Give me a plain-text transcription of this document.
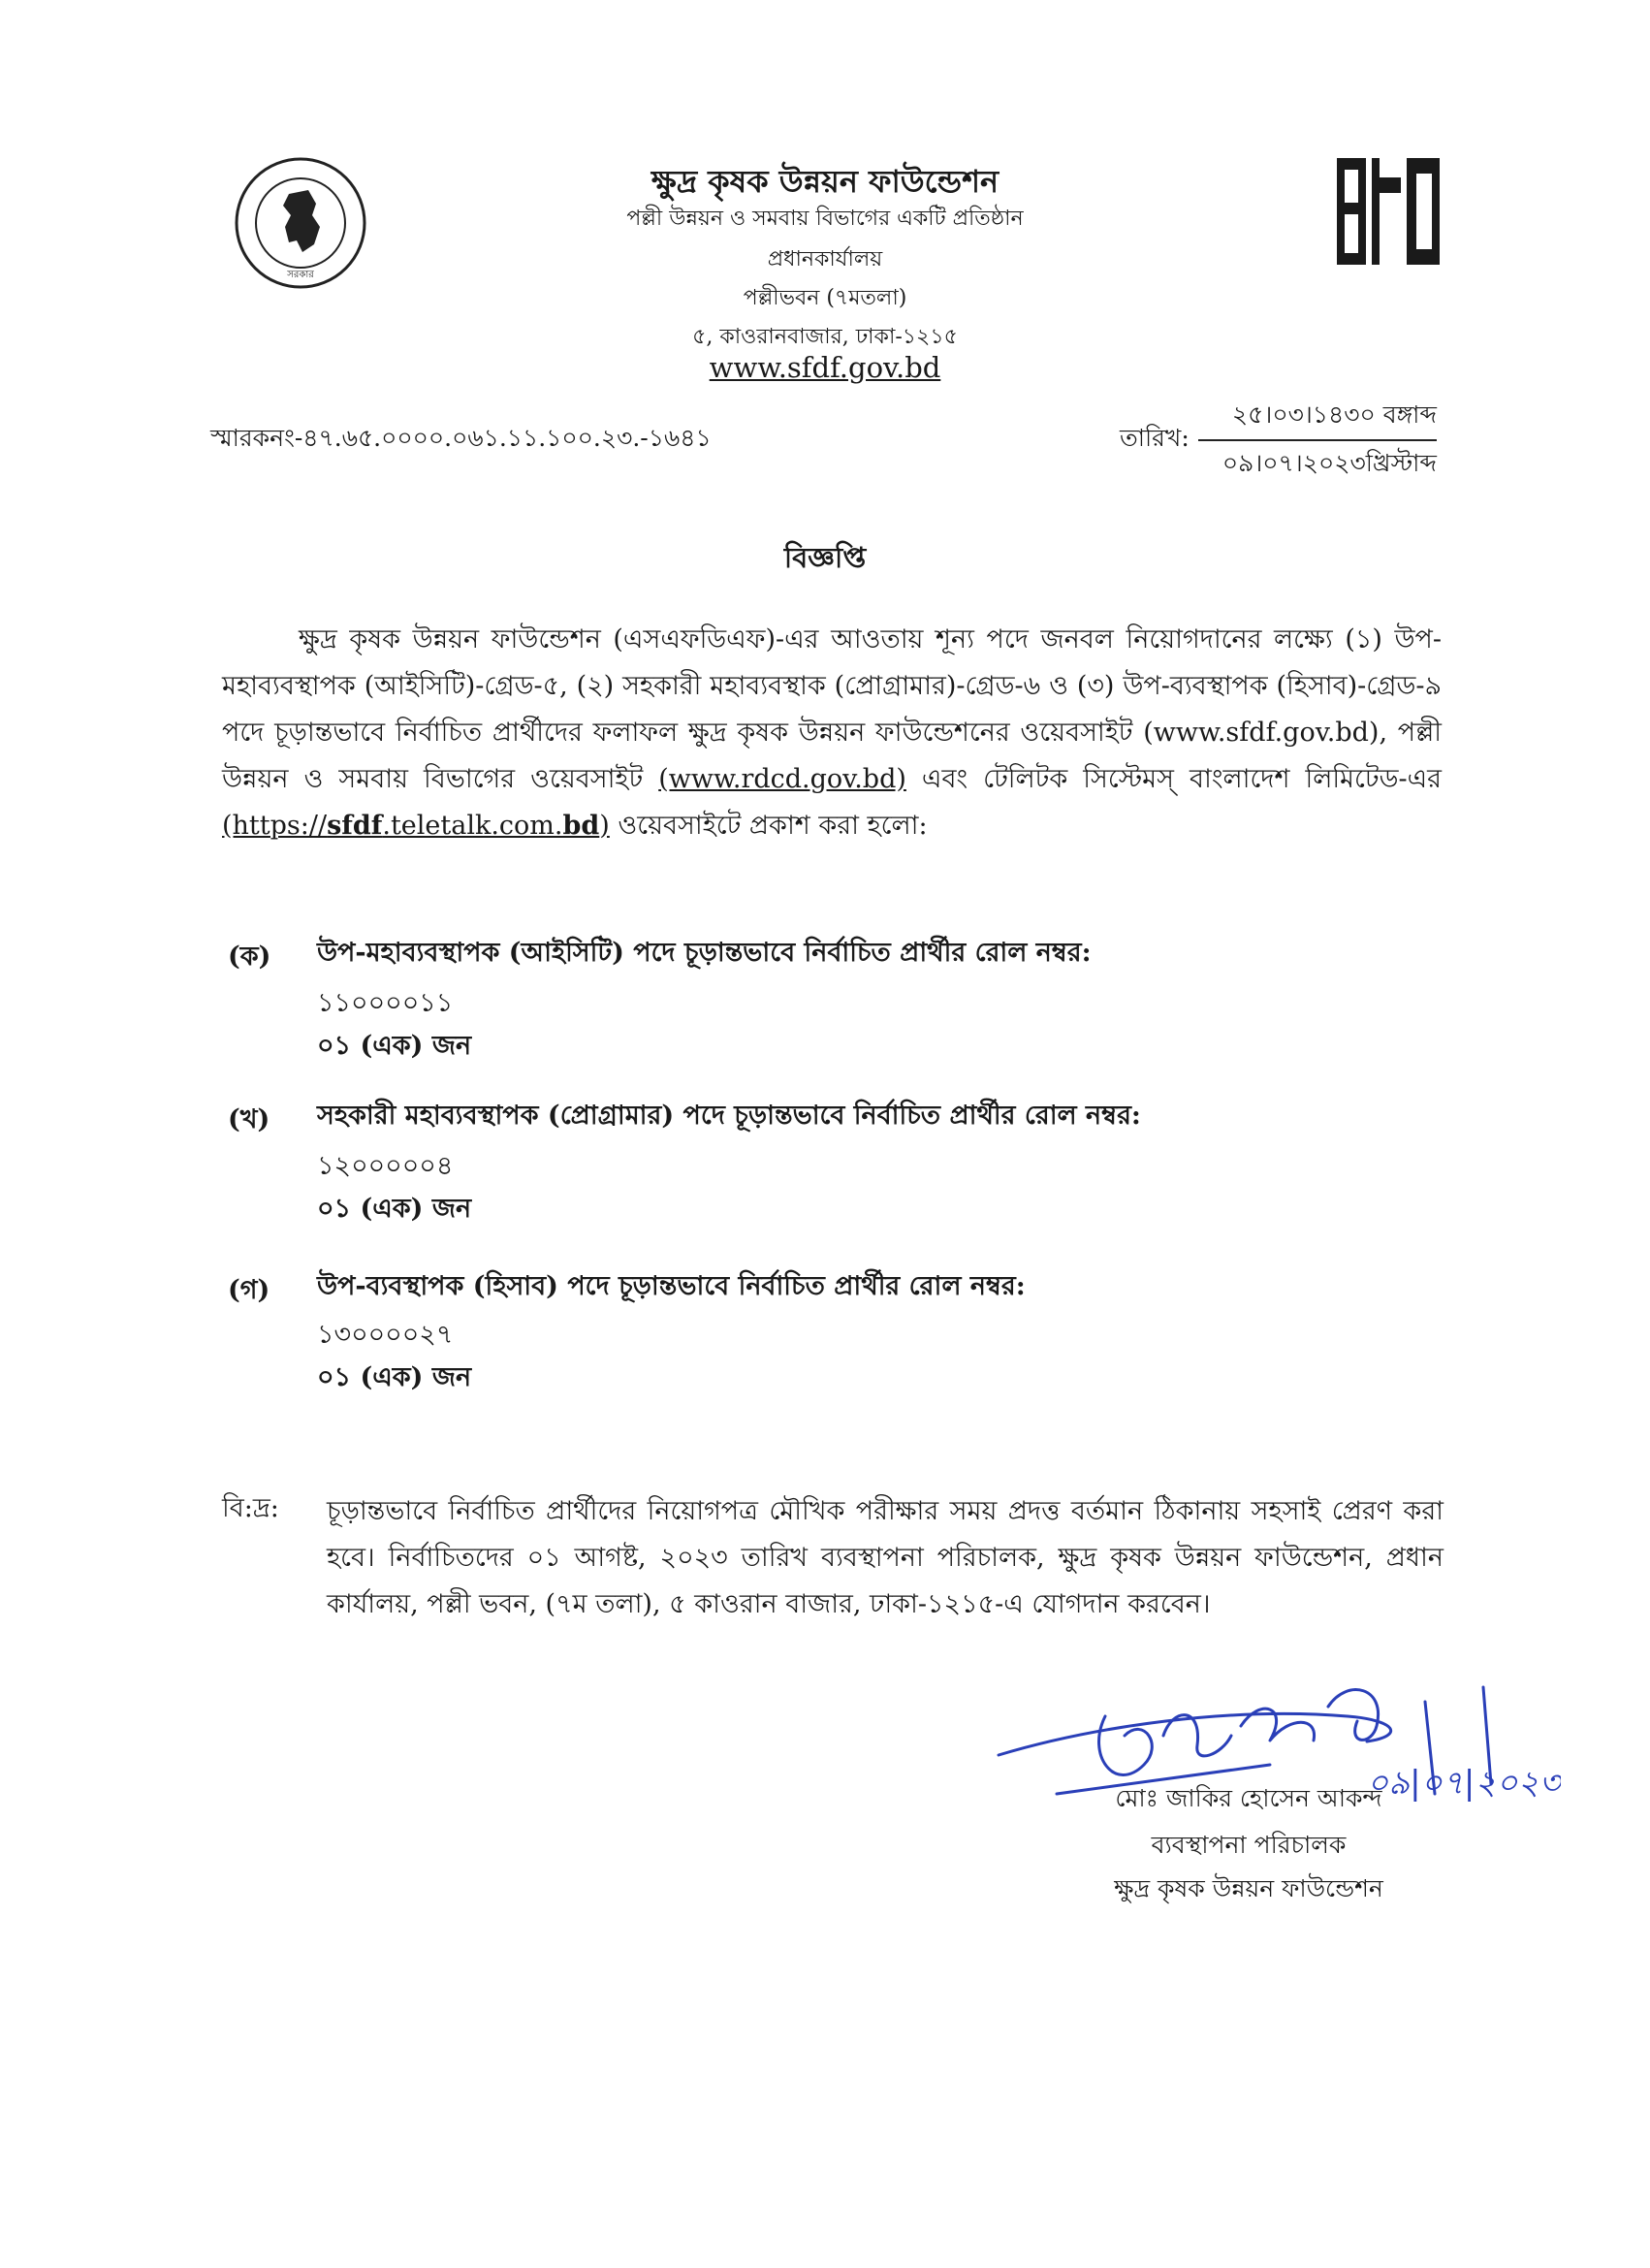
সরকার
ক্ষুদ্র কৃষক উন্নয়ন ফাউন্ডেশন
পল্লী উন্নয়ন ও সমবায় বিভাগের একটি প্রতিষ্ঠান
প্রধানকার্যালয়
পল্লীভবন (৭মতলা)
৫, কাওরানবাজার, ঢাকা-১২১৫
www.sfdf.gov.bd
স্মারকনং-৪৭.৬৫.০০০০.০৬১.১১.১০০.২৩.-১৬৪১	তারিখ:
২৫।০৩।১৪৩০ বঙ্গাব্দ
০৯।০৭।২০২৩খ্রিস্টাব্দ
বিজ্ঞপ্তি
ক্ষুদ্র কৃষক উন্নয়ন ফাউন্ডেশন (এসএফডিএফ)-এর আওতায় শূন্য পদে জনবল নিয়োগদানের লক্ষ্যে (১) উপ-মহাব্যবস্থাপক (আইসিটি)-গ্রেড-৫, (২) সহকারী মহাব্যবস্থাক (প্রোগ্রামার)-গ্রেড-৬ ও (৩) উপ-ব্যবস্থাপক (হিসাব)-গ্রেড-৯ পদে চূড়ান্তভাবে নির্বাচিত প্রার্থীদের ফলাফল ক্ষুদ্র কৃষক উন্নয়ন ফাউন্ডেশনের ওয়েবসাইট (www.sfdf.gov.bd), পল্লী উন্নয়ন ও সমবায় বিভাগের ওয়েবসাইট (www.rdcd.gov.bd) এবং টেলিটক সিস্টেমস্ বাংলাদেশ লিমিটেড-এর (https://sfdf.teletalk.com.bd) ওয়েবসাইটে প্রকাশ করা হলো:
(ক) উপ-মহাব্যবস্থাপক (আইসিটি) পদে চূড়ান্তভাবে নির্বাচিত প্রার্থীর রোল নম্বর:
১১০০০০১১
০১ (এক) জন
(খ) সহকারী মহাব্যবস্থাপক (প্রোগ্রামার) পদে চূড়ান্তভাবে নির্বাচিত প্রার্থীর রোল নম্বর:
১২০০০০০৪
০১ (এক) জন
(গ) উপ-ব্যবস্থাপক (হিসাব) পদে চূড়ান্তভাবে নির্বাচিত প্রার্থীর রোল নম্বর:
১৩০০০০২৭
০১ (এক) জন
বি:দ্র: চূড়ান্তভাবে নির্বাচিত প্রার্থীদের নিয়োগপত্র মৌখিক পরীক্ষার সময় প্রদত্ত বর্তমান ঠিকানায় সহসাই প্রেরণ করা হবে। নির্বাচিতদের ০১ আগষ্ট, ২০২৩ তারিখ ব্যবস্থাপনা পরিচালক, ক্ষুদ্র কৃষক উন্নয়ন ফাউন্ডেশন, প্রধান কার্যালয়, পল্লী ভবন, (৭ম তলা), ৫ কাওরান বাজার, ঢাকা-১২১৫-এ যোগদান করবেন।
০৯|০৭|২০২৩
মোঃ জাকির হোসেন আকন্দ
ব্যবস্থাপনা পরিচালক
ক্ষুদ্র কৃষক উন্নয়ন ফাউন্ডেশন
